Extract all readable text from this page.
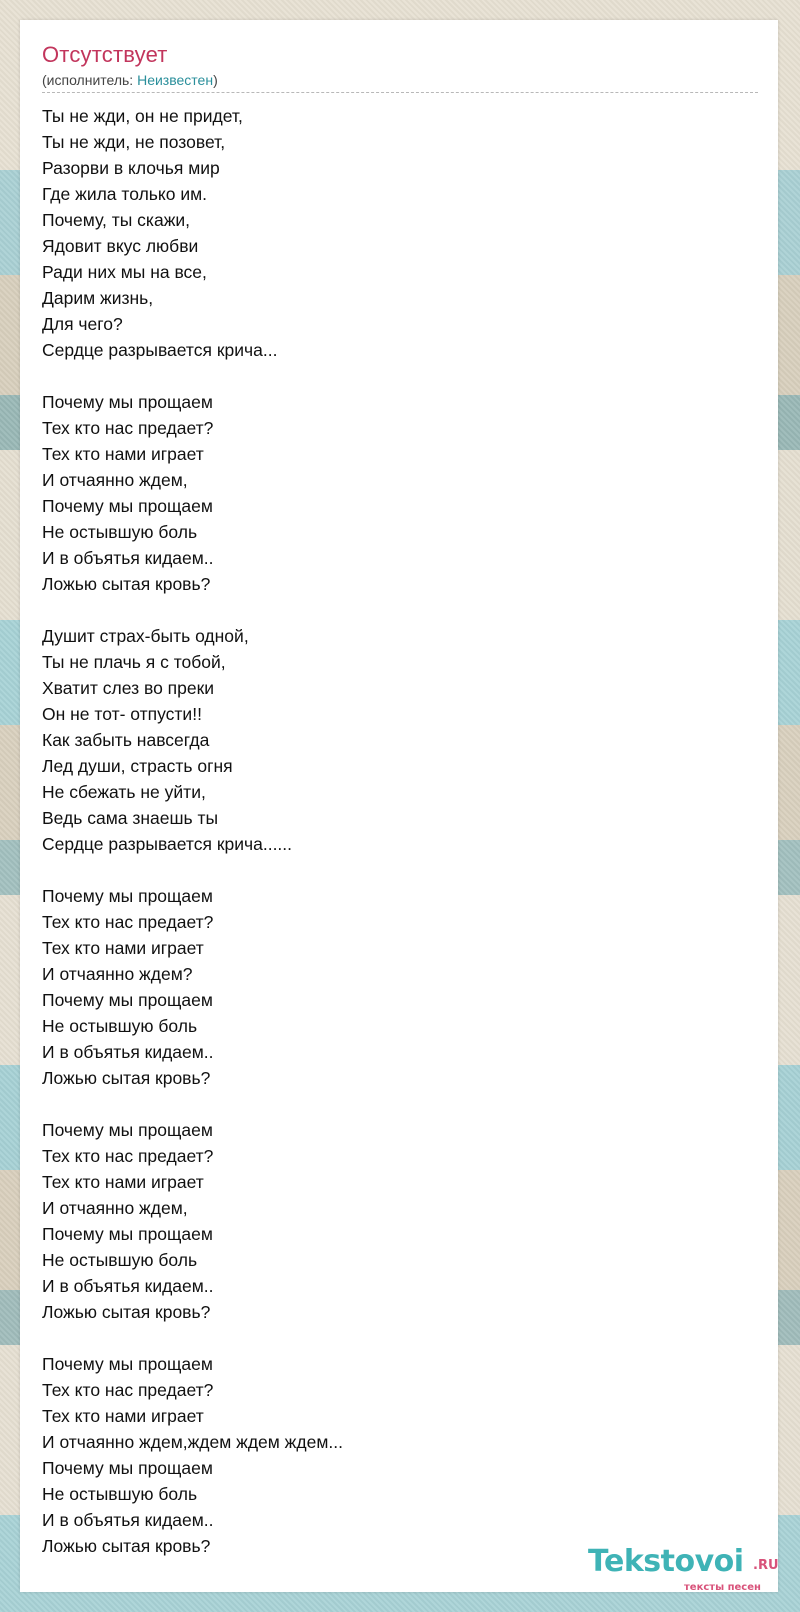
Отсутствует
(исполнитель: Неизвестен)
Ты не жди, он не придет,
Ты не жди, не позовет,
Разорви в клочья мир
Где жила только им.
Почему, ты скажи,
Ядовит вкус любви
Ради них мы на все,
Дарим жизнь,
Для чего?
Сердце разрывается крича...
Почему мы прощаем
Тех кто нас предает?
Тех кто нами играет
И отчаянно ждем,
Почему мы прощаем
Не остывшую боль
И в объятья кидаем..
Ложью сытая кровь?
Душит страх-быть одной,
Ты не плачь я с тобой,
Хватит слез во преки
Он не тот- отпусти!!
Как забыть навсегда
Лед души, страсть огня
Не сбежать не уйти,
Ведь сама знаешь ты
Сердце разрывается крича......
Почему мы прощаем
Тех кто нас предает?
Тех кто нами играет
И отчаянно ждем?
Почему мы прощаем
Не остывшую боль
И в объятья кидаем..
Ложью сытая кровь?
Почему мы прощаем
Тех кто нас предает?
Тех кто нами играет
И отчаянно ждем,
Почему мы прощаем
Не остывшую боль
И в объятья кидаем..
Ложью сытая кровь?
Почему мы прощаем
Тех кто нас предает?
Тех кто нами играет
И отчаянно ждем,ждем ждем ждем...
Почему мы прощаем
Не остывшую боль
И в объятья кидаем..
Ложью сытая кровь?	Tekstovoi .RU
тексты песен
